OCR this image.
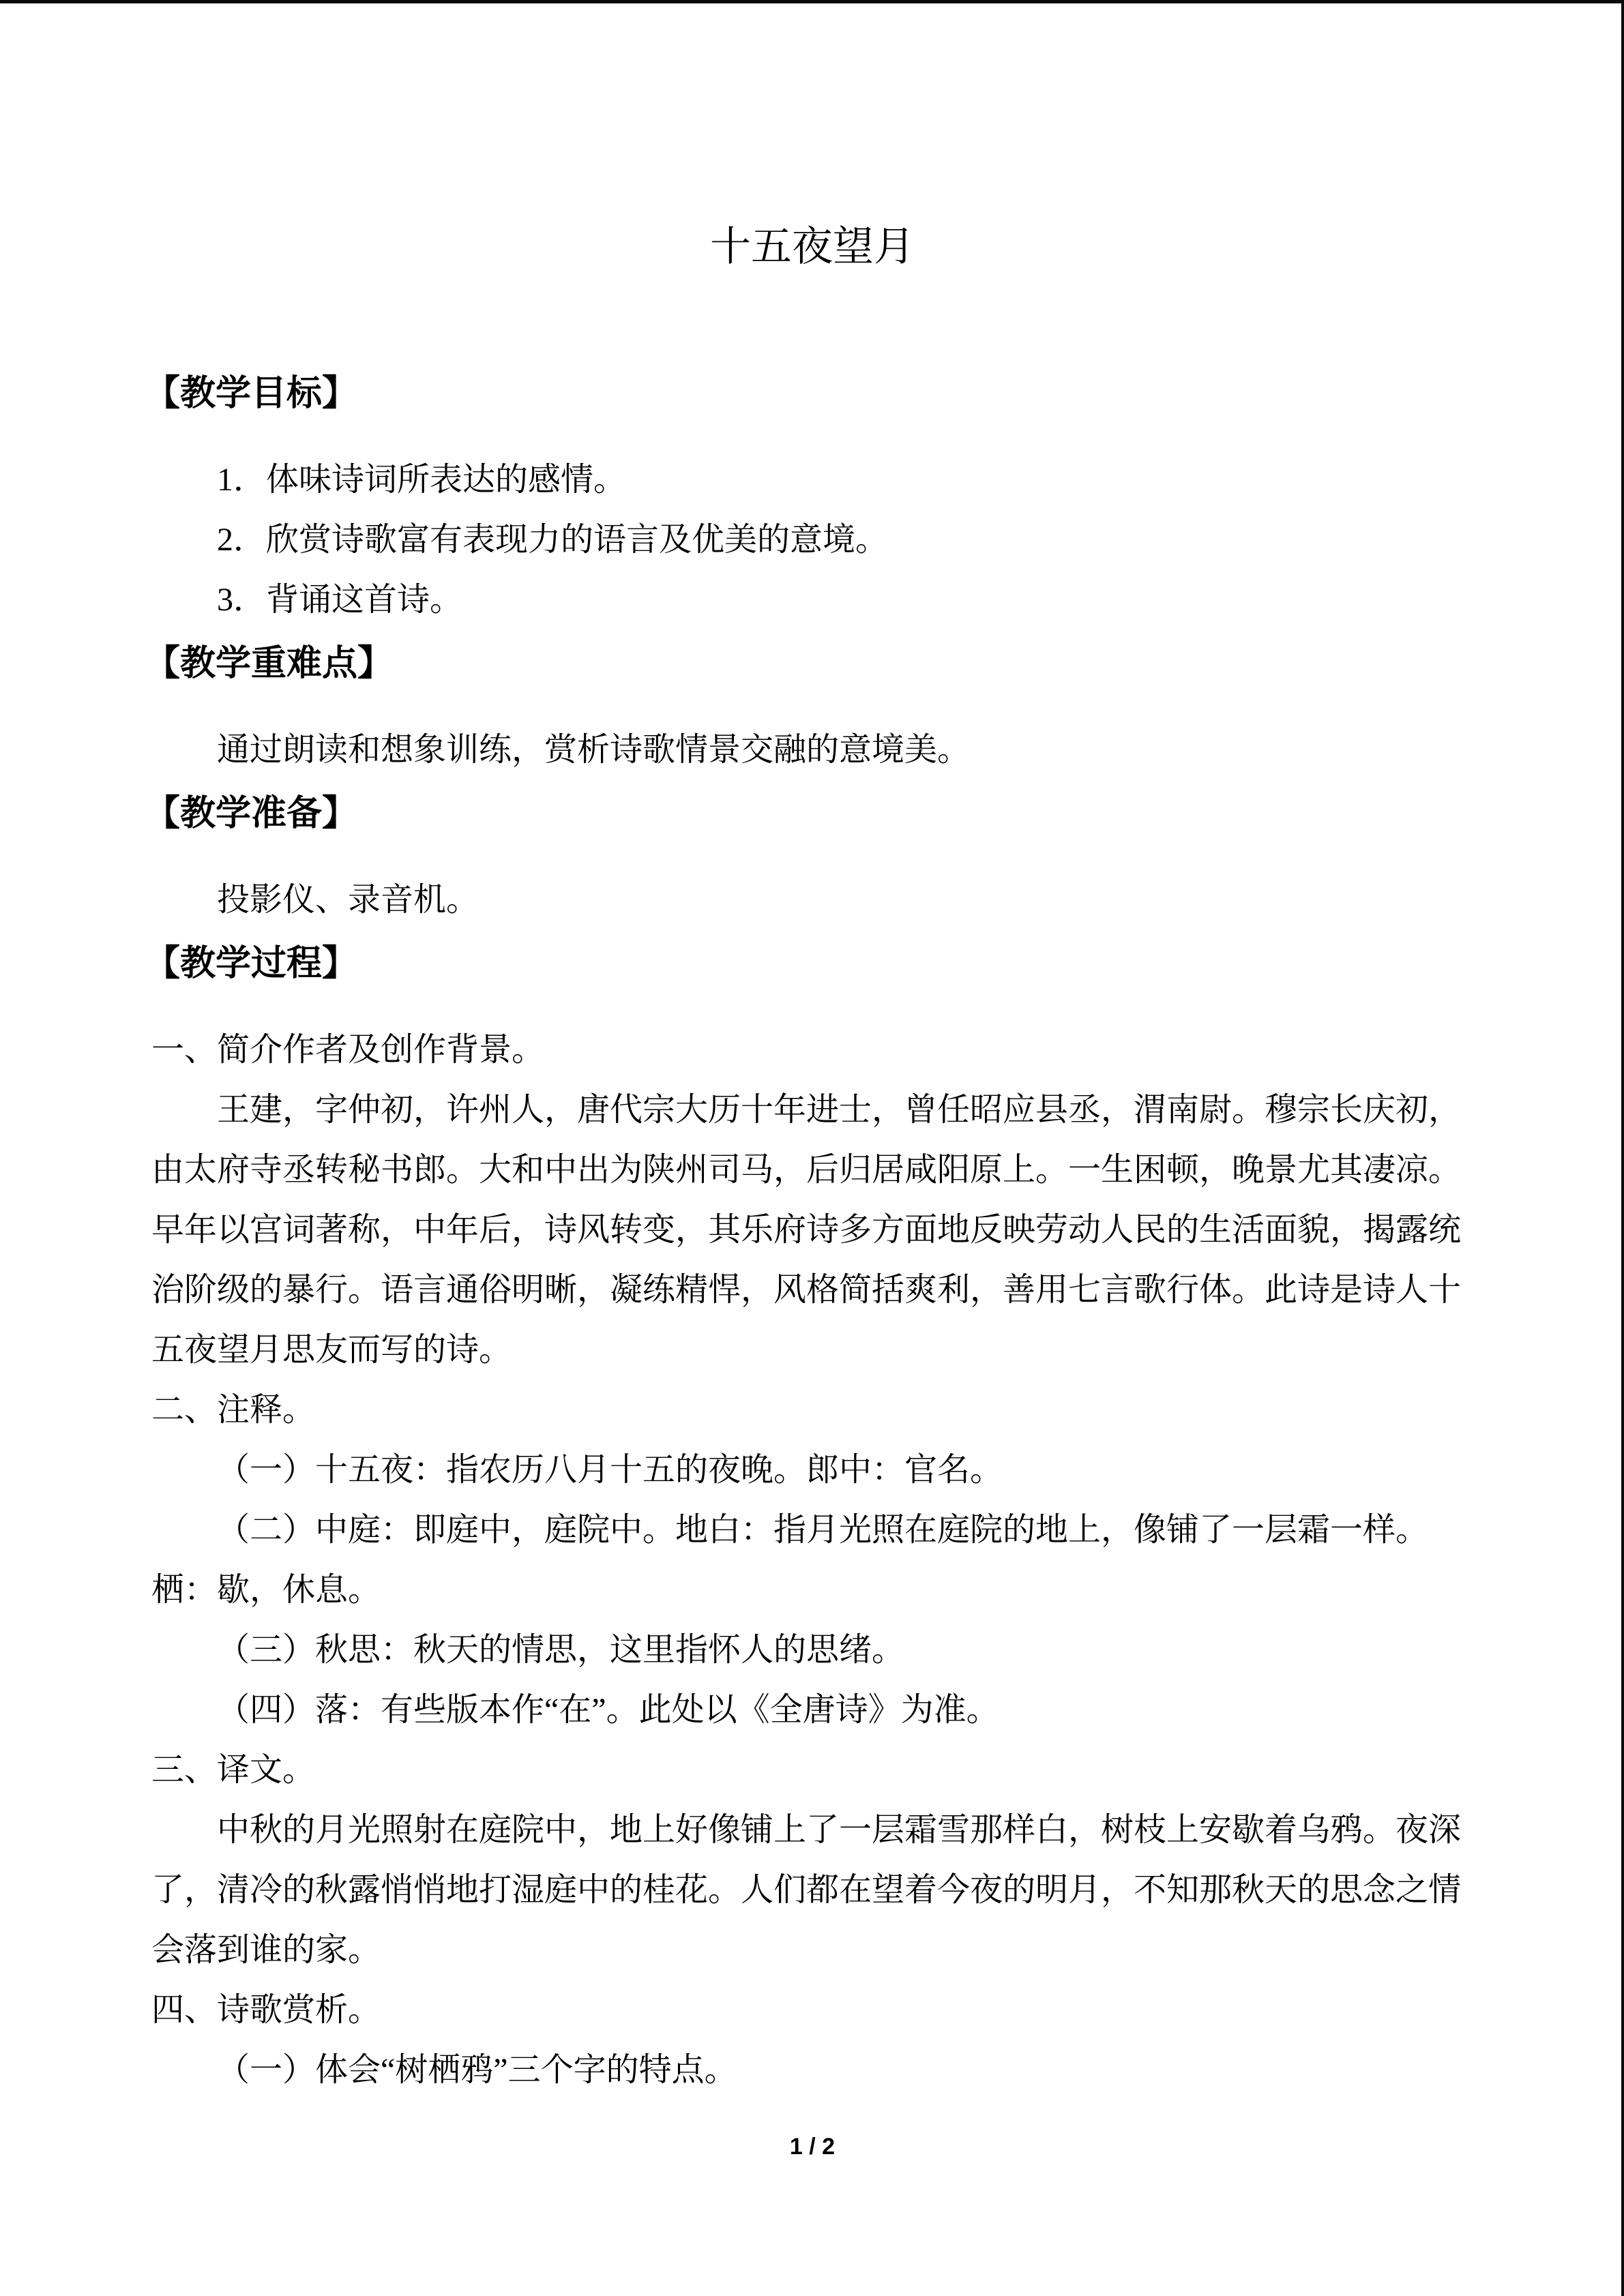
十五夜望月
【教学目标】

1．体味诗词所表达的感情。

2．欣赏诗歌富有表现力的语言及优美的意境。

3．背诵这首诗。

【教学重难点】

通过朗读和想象训练，赏析诗歌情景交融的意境美。

【教学准备】

投影仪、录音机。

【教学过程】

一、简介作者及创作背景。

王建，字仲初，许州人，唐代宗大历十年进士，曾任昭应县丞，渭南尉。穆宗长庆初，

由太府寺丞转秘书郎。大和中出为陕州司马，后归居咸阳原上。一生困顿，晚景尤其凄凉。

早年以宫词著称，中年后，诗风转变，其乐府诗多方面地反映劳动人民的生活面貌，揭露统

治阶级的暴行。语言通俗明晰，凝练精悍，风格简括爽利，善用七言歌行体。此诗是诗人十

五夜望月思友而写的诗。

二、注释。

（一）十五夜：指农历八月十五的夜晚。郎中：官名。

（二）中庭：即庭中，庭院中。地白：指月光照在庭院的地上，像铺了一层霜一样。

栖：歇，休息。

（三）秋思：秋天的情思，这里指怀人的思绪。

（四）落：有些版本作“在”。此处以《全唐诗》为准。

三、译文。

中秋的月光照射在庭院中，地上好像铺上了一层霜雪那样白，树枝上安歇着乌鸦。夜深

了，清冷的秋露悄悄地打湿庭中的桂花。人们都在望着今夜的明月，不知那秋天的思念之情

会落到谁的家。

四、诗歌赏析。

（一）体会“树栖鸦”三个字的特点。

1 / 2
